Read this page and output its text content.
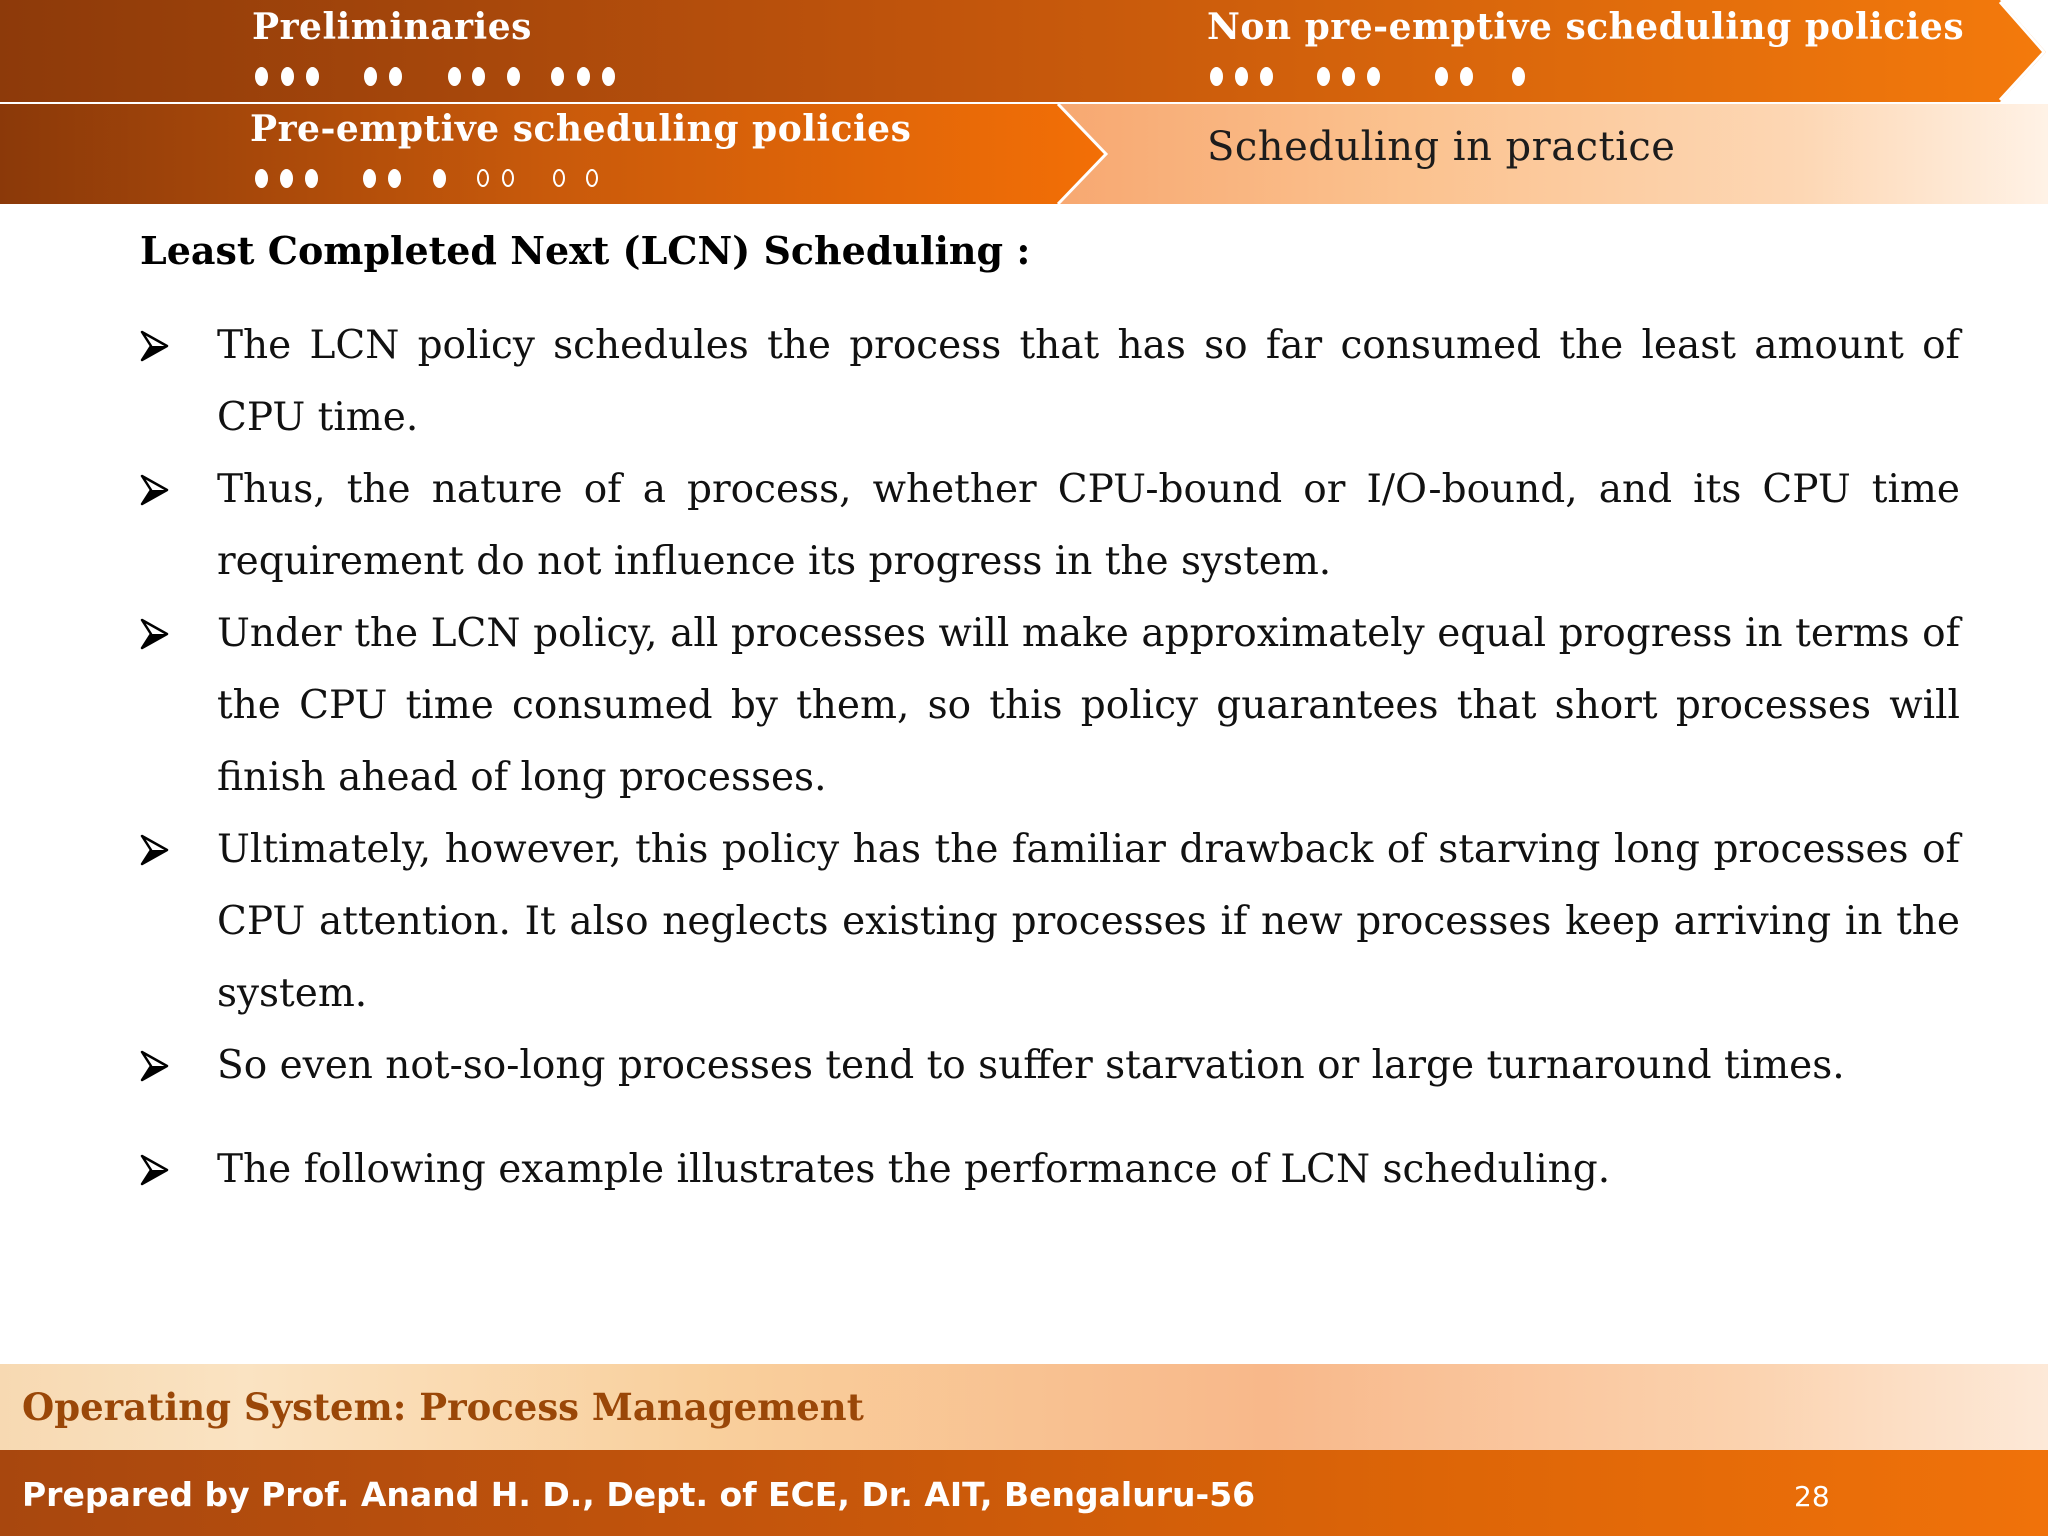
Preliminaries	Non pre-emptive scheduling policies
Pre-emptive scheduling policies	Scheduling in practice
Least Completed Next (LCN) Scheduling :
The LCN policy schedules the process that has so far consumed the least amount of CPU time.
Thus, the nature of a process, whether CPU-bound or I/O-bound, and its CPU time requirement do not influence its progress in the system.
Under the LCN policy, all processes will make approximately equal progress in terms of the CPU time consumed by them, so this policy guarantees that short processes will finish ahead of long processes.
Ultimately, however, this policy has the familiar drawback of starving long processes of CPU attention. It also neglects existing processes if new processes keep arriving in the system.
So even not-so-long processes tend to suffer starvation or large turnaround times.
The following example illustrates the performance of LCN scheduling.
Operating System: Process Management
Prepared by Prof. Anand H. D., Dept. of ECE, Dr. AIT, Bengaluru-56	28
